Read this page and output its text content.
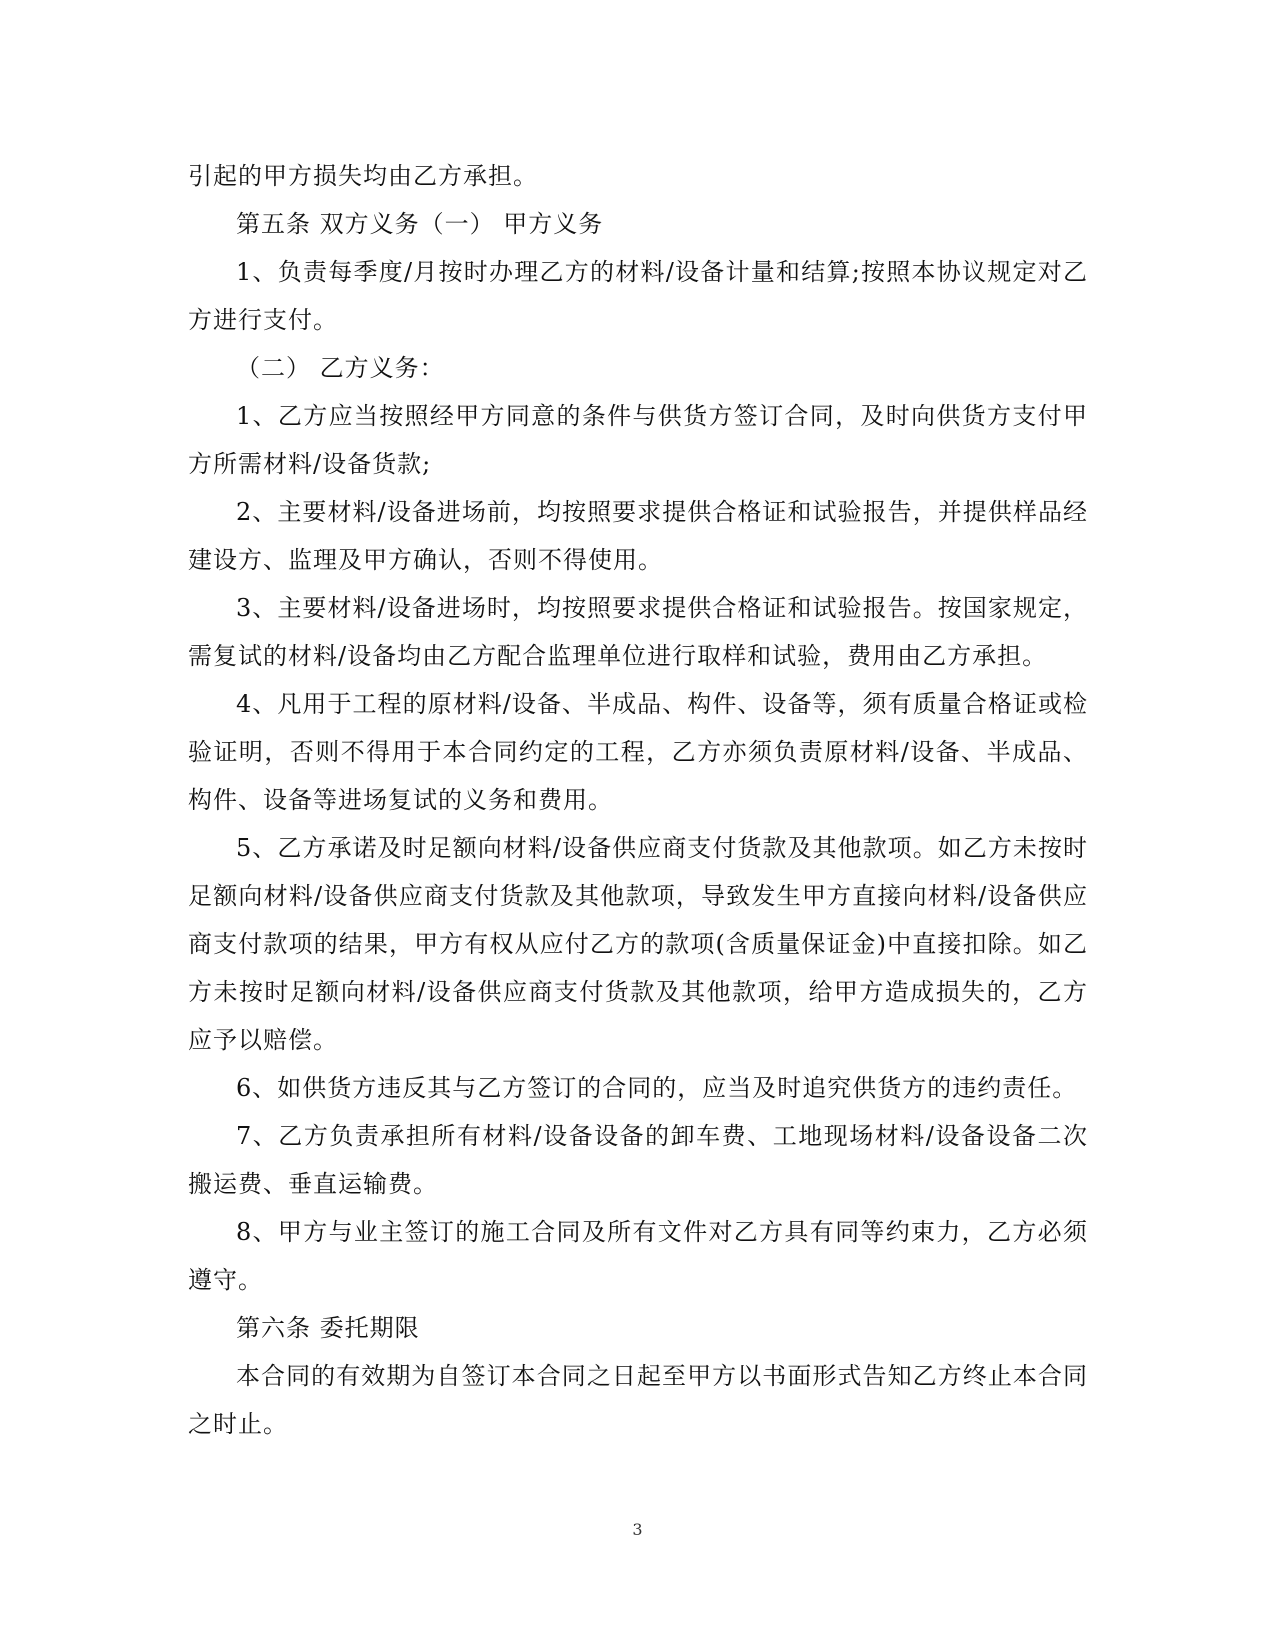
引起的甲方损失均由乙方承担。

第五条 双方义务（一） 甲方义务

1、负责每季度/月按时办理乙方的材料/设备计量和结算;按照本协议规定对乙方进行支付。

（二） 乙方义务：

1、乙方应当按照经甲方同意的条件与供货方签订合同，及时向供货方支付甲方所需材料/设备货款;

2、主要材料/设备进场前，均按照要求提供合格证和试验报告，并提供样品经建设方、监理及甲方确认，否则不得使用。

3、主要材料/设备进场时，均按照要求提供合格证和试验报告。按国家规定，需复试的材料/设备均由乙方配合监理单位进行取样和试验，费用由乙方承担。

4、凡用于工程的原材料/设备、半成品、构件、设备等，须有质量合格证或检验证明，否则不得用于本合同约定的工程，乙方亦须负责原材料/设备、半成品、构件、设备等进场复试的义务和费用。

5、乙方承诺及时足额向材料/设备供应商支付货款及其他款项。如乙方未按时足额向材料/设备供应商支付货款及其他款项，导致发生甲方直接向材料/设备供应商支付款项的结果，甲方有权从应付乙方的款项(含质量保证金)中直接扣除。如乙方未按时足额向材料/设备供应商支付货款及其他款项，给甲方造成损失的，乙方应予以赔偿。

6、如供货方违反其与乙方签订的合同的，应当及时追究供货方的违约责任。

7、乙方负责承担所有材料/设备设备的卸车费、工地现场材料/设备设备二次搬运费、垂直运输费。

8、甲方与业主签订的施工合同及所有文件对乙方具有同等约束力，乙方必须遵守。

第六条 委托期限

本合同的有效期为自签订本合同之日起至甲方以书面形式告知乙方终止本合同之时止。

3
